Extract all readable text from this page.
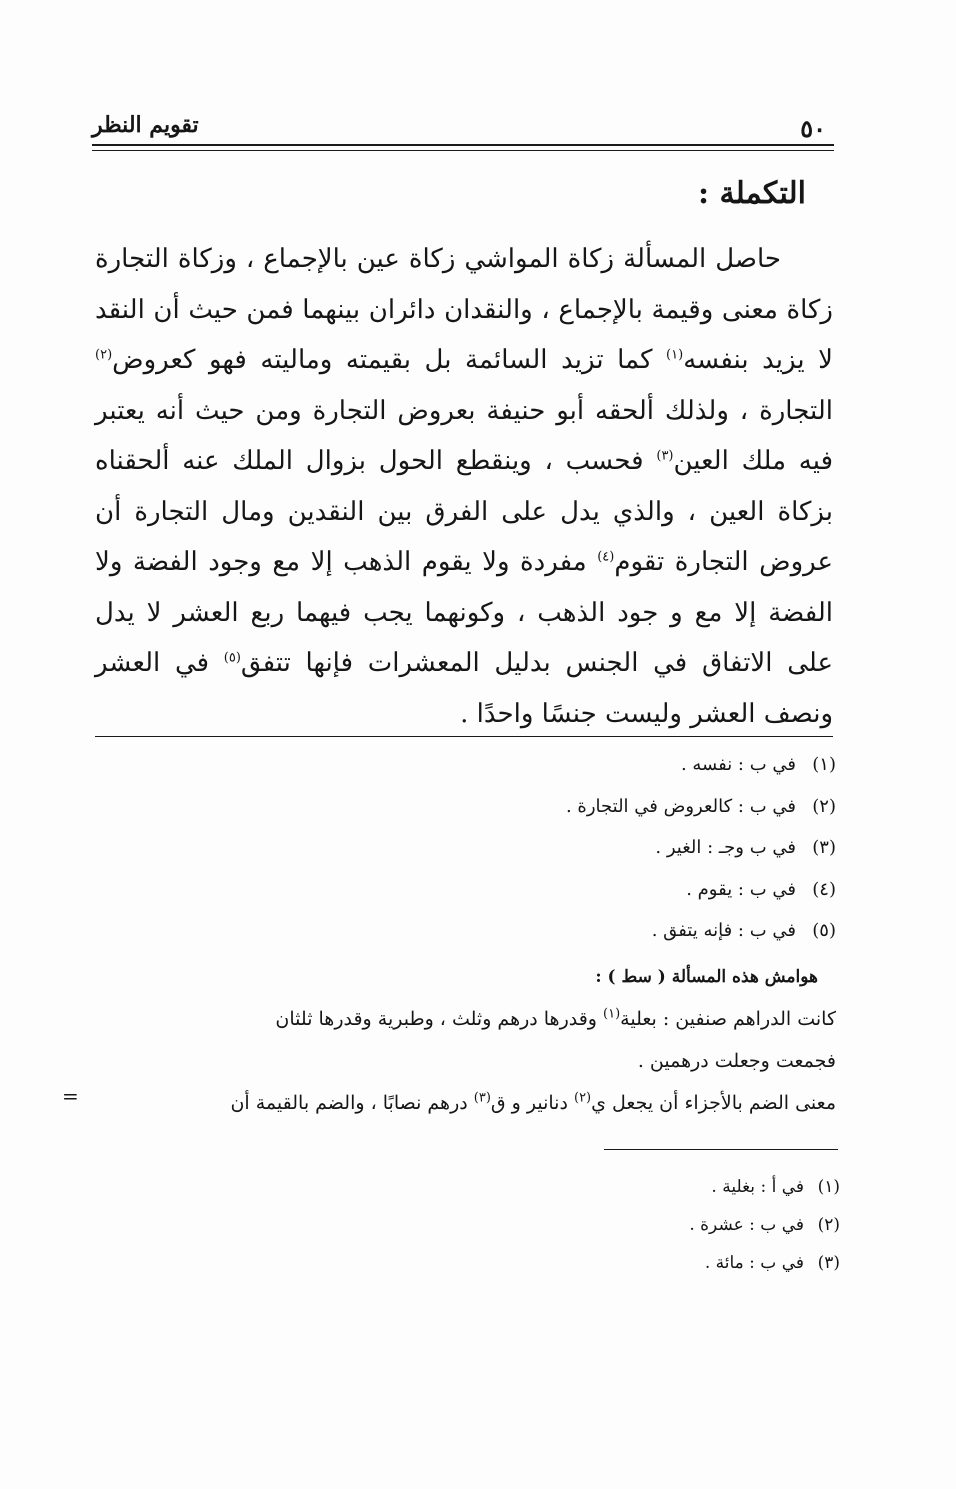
٥٠
تقويم النظر
التكملة :

حاصل المسألة زكاة المواشي زكاة عين بالإجماع ، وزكاة التجارة زكاة معنى وقيمة بالإجماع ، والنقدان دائران بينهما فمن حيث أن النقد لا يزيد بنفسه$^{(١)}$ كما تزيد السائمة بل بقيمته وماليته فهو كعروض$^{(٢)}$ التجارة ، ولذلك ألحقه أبو حنيفة بعروض التجارة ومن حيث أنه يعتبر فيه ملك العين$^{(٣)}$ فحسب ، وينقطع الحول بزوال الملك عنه ألحقناه بزكاة العين ، والذي يدل على الفرق بين النقدين ومال التجارة أن عروض التجارة تقوم$^{(٤)}$ مفردة ولا يقوم الذهب إلا مع وجود الفضة ولا الفضة إلا مع و جود الذهب ، وكونهما يجب فيهما ربع العشر لا يدل على الاتفاق في الجنس بدليل المعشرات فإنها تتفق$^{(٥)}$ في العشر ونصف العشر وليست جنسًا واحدًا .

(١)في ب : نفسه .

(٢)في ب : كالعروض في التجارة .

(٣)في ب وجـ : الغير .

(٤)في ب : يقوم .

(٥)في ب : فإنه يتفق .

هوامش هذه المسألة ( سط ) :

كانت الدراهم صنفين : بعلية$^{(١)}$ وقدرها درهم وثلث ، وطبرية وقدرها ثلثان

فجمعت وجعلت درهمين .

معنى الضم بالأجزاء أن يجعل ي$^{(٢)}$ دنانير و ق$^{(٣)}$ درهم نصابًا ، والضم بالقيمة أن

=

(١)في أ : بغلية .

(٢)في ب : عشرة .

(٣)في ب : مائة .
